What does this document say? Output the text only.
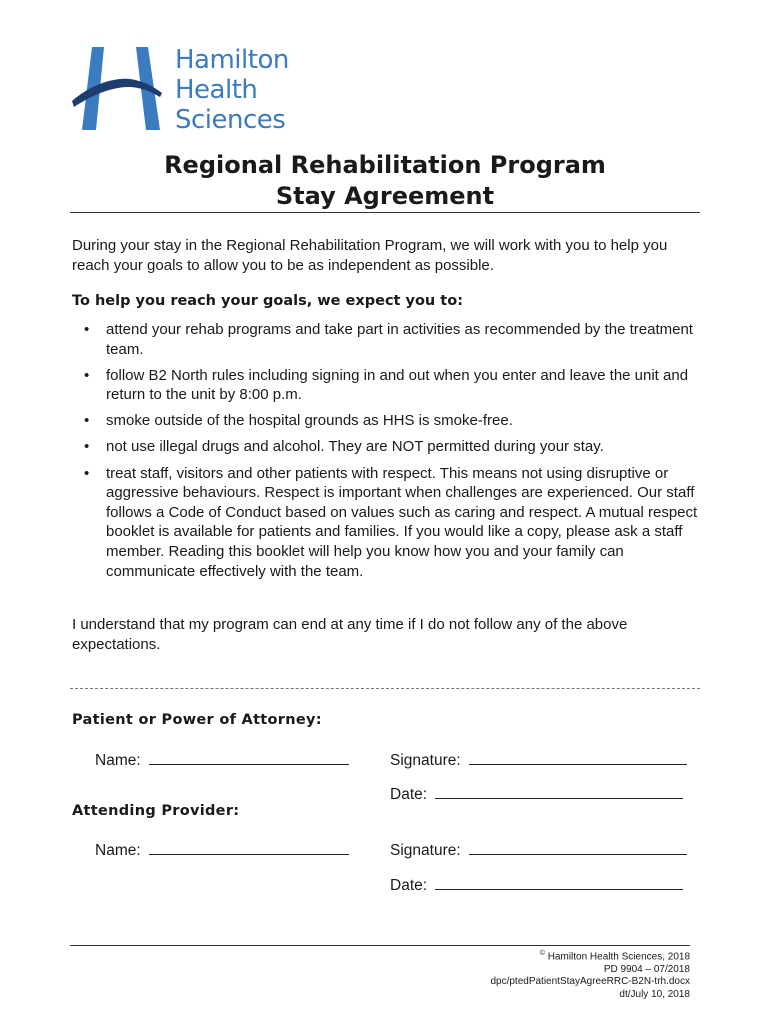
Hamilton
Health
Sciences
Regional Rehabilitation Program
Stay Agreement
During your stay in the Regional Rehabilitation Program, we will work with you to help you reach your goals to allow you to be as independent as possible.
To help you reach your goals, we expect you to:
• attend your rehab programs and take part in activities as recommended by the treatment team.
• follow B2 North rules including signing in and out when you enter and leave the unit and return to the unit by 8:00 p.m.
• smoke outside of the hospital grounds as HHS is smoke-free.
• not use illegal drugs and alcohol. They are NOT permitted during your stay.
• treat staff, visitors and other patients with respect. This means not using disruptive or aggressive behaviours. Respect is important when challenges are experienced. Our staff follows a Code of Conduct based on values such as caring and respect. A mutual respect booklet is available for patients and families. If you would like a copy, please ask a staff member. Reading this booklet will help you know how you and your family can communicate effectively with the team.
I understand that my program can end at any time if I do not follow any of the above expectations.
Patient or Power of Attorney:
Name:	Signature:
Date:
Attending Provider:
Name:	Signature:
Date:
© Hamilton Health Sciences, 2018
PD 9904 – 07/2018
dpc/ptedPatientStayAgreeRRC-B2N-trh.docx
dt/July 10, 2018
